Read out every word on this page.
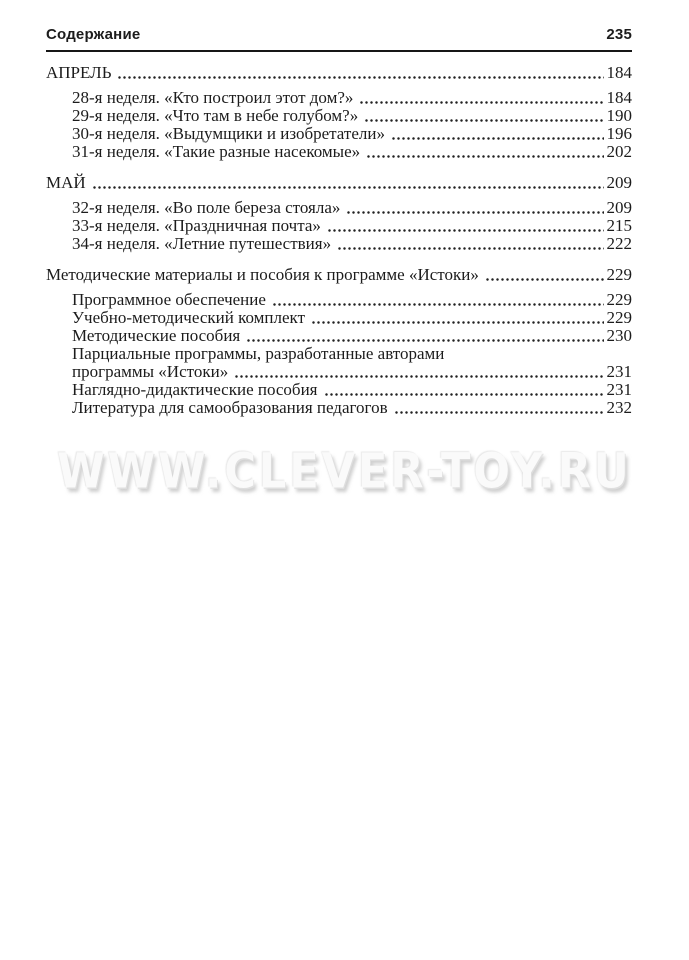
Содержание	235
АПРЕЛЬ	184
28-я неделя. «Кто построил этот дом?»	184
29-я неделя. «Что там в небе голубом?»	190
30-я неделя. «Выдумщики и изобретатели»	196
31-я неделя. «Такие разные насекомые»	202
МАЙ	209
32-я неделя. «Во поле береза стояла»	209
33-я неделя. «Праздничная почта»	215
34-я неделя. «Летние путешествия»	222
Методические материалы и пособия к программе «Истоки»	229
Программное обеспечение	229
Учебно-методический комплект	229
Методические пособия	230
Парциальные программы, разработанные авторами
программы «Истоки»	231
Наглядно-дидактические пособия	231
Литература для самообразования педагогов	232
WWW.CLEVER-TOY.RU
